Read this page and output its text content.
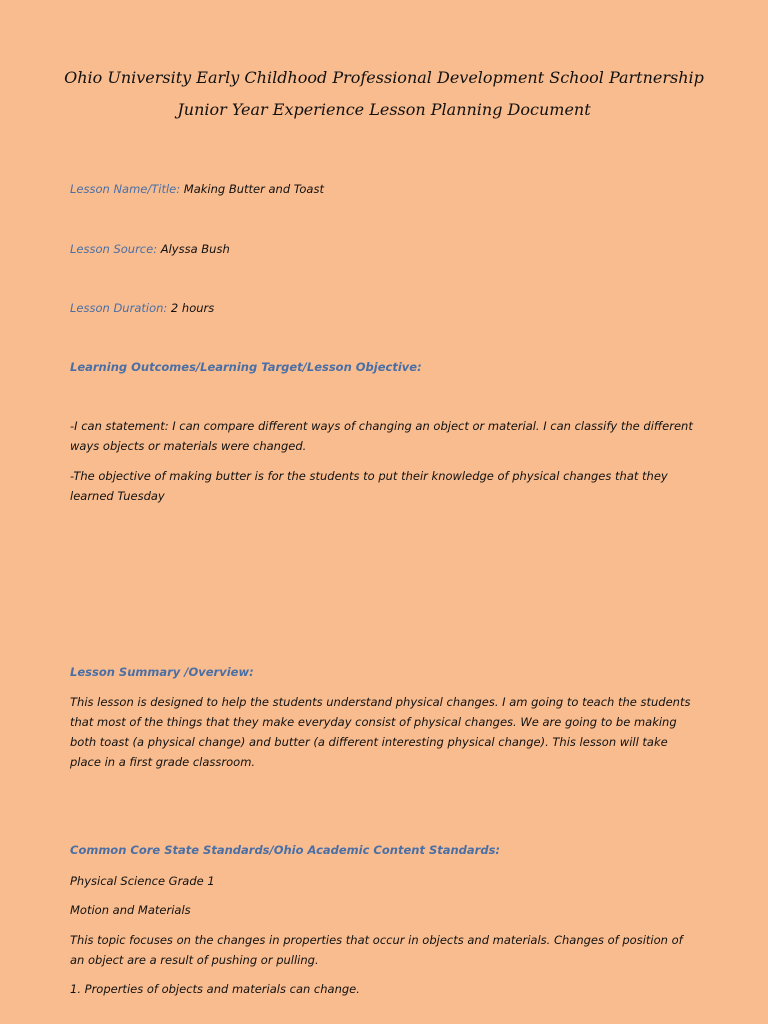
Ohio University Early Childhood Professional Development School Partnership
Junior Year Experience Lesson Planning Document
Lesson Name/Title: Making Butter and Toast
Lesson Source: Alyssa Bush
Lesson Duration: 2 hours
Learning Outcomes/Learning Target/Lesson Objective:
-I can statement: I can compare different ways of changing an object or material. I can classify the different ways objects or materials were changed.
-The objective of making butter is for the students to put their knowledge of physical changes that they learned Tuesday
Lesson Summary /Overview:
This lesson is designed to help the students understand physical changes. I am going to teach the students that most of the things that they make everyday consist of physical changes. We are going to be making both toast (a physical change) and butter (a different interesting physical change). This lesson will take place in a first grade classroom.
Common Core State Standards/Ohio Academic Content Standards:
Physical Science Grade 1
Motion and Materials
This topic focuses on the changes in properties that occur in objects and materials. Changes of position of an object are a result of pushing or pulling.
1. Properties of objects and materials can change.
